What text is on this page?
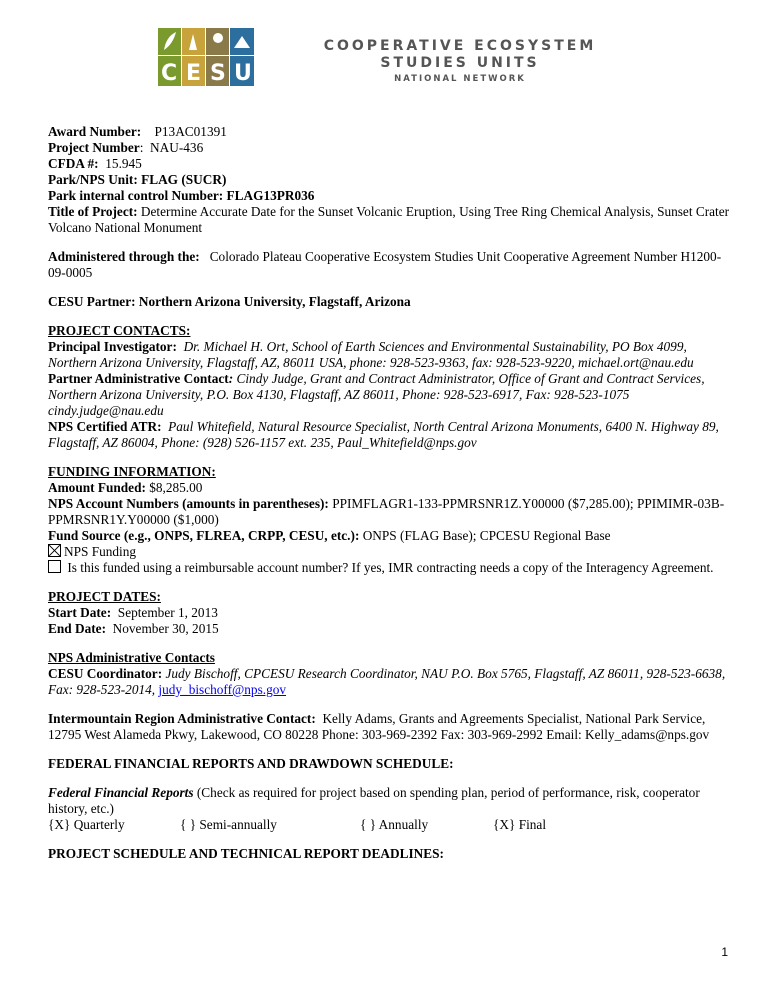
C E S U
COOPERATIVE ECOSYSTEM
STUDIES UNITS
NATIONAL NETWORK

Award Number: P13AC01391

Project Number:  NAU-436

CFDA #: 15.945

Park/NPS Unit: FLAG (SUCR)

Park internal control Number: FLAG13PR036

Title of Project: Determine Accurate Date for the Sunset Volcanic Eruption, Using Tree Ring Chemical Analysis, Sunset Crater Volcano National Monument

Administered through the: Colorado Plateau Cooperative Ecosystem Studies Unit Cooperative Agreement Number H1200-09-0005

CESU Partner: Northern Arizona University, Flagstaff, Arizona

PROJECT CONTACTS:

Principal Investigator: Dr. Michael H. Ort, School of Earth Sciences and Environmental Sustainability, PO Box 4099, Northern Arizona University, Flagstaff, AZ, 86011 USA, phone: 928-523-9363, fax: 928-523-9220, michael.ort@nau.edu

Partner Administrative Contact: Cindy Judge, Grant and Contract Administrator, Office of Grant and Contract Services, Northern Arizona University, P.O. Box 4130, Flagstaff, AZ 86011, Phone: 928-523-6917, Fax: 928-523-1075

cindy.judge@nau.edu

NPS Certified ATR: Paul Whitefield, Natural Resource Specialist, North Central Arizona Monuments, 6400 N. Highway 89, Flagstaff, AZ 86004, Phone: (928) 526-1157 ext. 235, Paul_Whitefield@nps.gov

FUNDING INFORMATION:

Amount Funded: $8,285.00

NPS Account Numbers (amounts in parentheses): PPIMFLAGR1-133-PPMRSNR1Z.Y00000 ($7,285.00); PPIMIMR-03B-PPMRSNR1Y.Y00000 ($1,000)

Fund Source (e.g., ONPS, FLREA, CRPP, CESU, etc.): ONPS (FLAG Base); CPCESU Regional Base

NPS Funding

Is this funded using a reimbursable account number? If yes, IMR contracting needs a copy of the Interagency Agreement.

PROJECT DATES:

Start Date: September 1, 2013

End Date: November 30, 2015

NPS Administrative Contacts

CESU Coordinator: Judy Bischoff, CPCESU Research Coordinator, NAU P.O. Box 5765, Flagstaff, AZ 86011, 928-523-6638, Fax: 928-523-2014, judy_bischoff@nps.gov

Intermountain Region Administrative Contact: Kelly Adams, Grants and Agreements Specialist, National Park Service, 12795 West Alameda Pkwy, Lakewood, CO 80228 Phone: 303-969-2392 Fax: 303-969-2992 Email: Kelly_adams@nps.gov

FEDERAL FINANCIAL REPORTS AND DRAWDOWN SCHEDULE:

Federal Financial Reports (Check as required for project based on spending plan, period of performance, risk, cooperator history, etc.)

{X} Quarterly	{ } Semi-annually	{ } Annually	{X} Final

PROJECT SCHEDULE AND TECHNICAL REPORT DEADLINES:

1
